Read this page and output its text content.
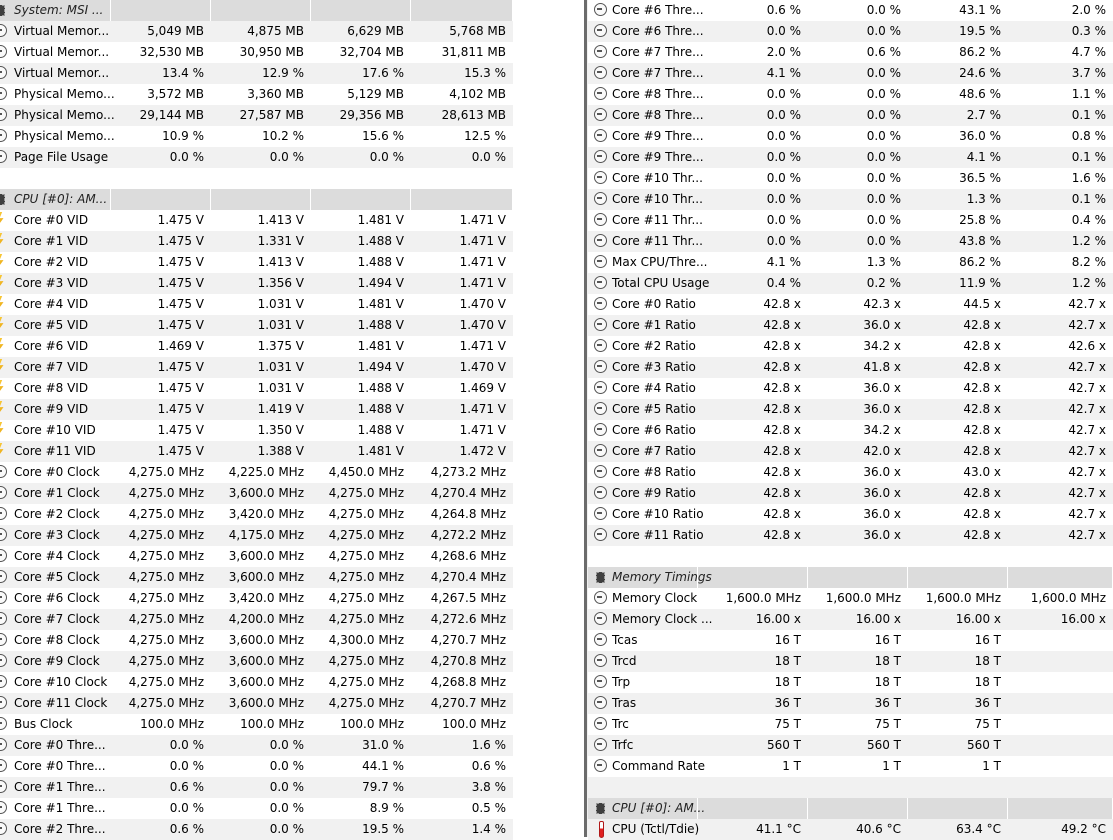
System: MSI ...
Virtual Memor...	5,049 MB	4,875 MB	6,629 MB	5,768 MB
Virtual Memor...	32,530 MB	30,950 MB	32,704 MB	31,811 MB
Virtual Memor...	13.4 %	12.9 %	17.6 %	15.3 %
Physical Memo...	3,572 MB	3,360 MB	5,129 MB	4,102 MB
Physical Memo...	29,144 MB	27,587 MB	29,356 MB	28,613 MB
Physical Memo...	10.9 %	10.2 %	15.6 %	12.5 %
Page File Usage	0.0 %	0.0 %	0.0 %	0.0 %
CPU [#0]: AM...
Core #0 VID	1.475 V	1.413 V	1.481 V	1.471 V
Core #1 VID	1.475 V	1.331 V	1.488 V	1.471 V
Core #2 VID	1.475 V	1.413 V	1.488 V	1.471 V
Core #3 VID	1.475 V	1.356 V	1.494 V	1.471 V
Core #4 VID	1.475 V	1.031 V	1.481 V	1.470 V
Core #5 VID	1.475 V	1.031 V	1.488 V	1.470 V
Core #6 VID	1.469 V	1.375 V	1.481 V	1.471 V
Core #7 VID	1.475 V	1.031 V	1.494 V	1.470 V
Core #8 VID	1.475 V	1.031 V	1.488 V	1.469 V
Core #9 VID	1.475 V	1.419 V	1.488 V	1.471 V
Core #10 VID	1.475 V	1.350 V	1.488 V	1.471 V
Core #11 VID	1.475 V	1.388 V	1.481 V	1.472 V
Core #0 Clock	4,275.0 MHz	4,225.0 MHz	4,450.0 MHz	4,273.2 MHz
Core #1 Clock	4,275.0 MHz	3,600.0 MHz	4,275.0 MHz	4,270.4 MHz
Core #2 Clock	4,275.0 MHz	3,420.0 MHz	4,275.0 MHz	4,264.8 MHz
Core #3 Clock	4,275.0 MHz	4,175.0 MHz	4,275.0 MHz	4,272.2 MHz
Core #4 Clock	4,275.0 MHz	3,600.0 MHz	4,275.0 MHz	4,268.6 MHz
Core #5 Clock	4,275.0 MHz	3,600.0 MHz	4,275.0 MHz	4,270.4 MHz
Core #6 Clock	4,275.0 MHz	3,420.0 MHz	4,275.0 MHz	4,267.5 MHz
Core #7 Clock	4,275.0 MHz	4,200.0 MHz	4,275.0 MHz	4,272.6 MHz
Core #8 Clock	4,275.0 MHz	3,600.0 MHz	4,300.0 MHz	4,270.7 MHz
Core #9 Clock	4,275.0 MHz	3,600.0 MHz	4,275.0 MHz	4,270.8 MHz
Core #10 Clock	4,275.0 MHz	3,600.0 MHz	4,275.0 MHz	4,268.8 MHz
Core #11 Clock	4,275.0 MHz	3,600.0 MHz	4,275.0 MHz	4,270.7 MHz
Bus Clock	100.0 MHz	100.0 MHz	100.0 MHz	100.0 MHz
Core #0 Thre...	0.0 %	0.0 %	31.0 %	1.6 %
Core #0 Thre...	0.0 %	0.0 %	44.1 %	0.6 %
Core #1 Thre...	0.6 %	0.0 %	79.7 %	3.8 %
Core #1 Thre...	0.0 %	0.0 %	8.9 %	0.5 %
Core #2 Thre...	0.6 %	0.0 %	19.5 %	1.4 %
Core #6 Thre...	0.6 %	0.0 %	43.1 %	2.0 %
Core #6 Thre...	0.0 %	0.0 %	19.5 %	0.3 %
Core #7 Thre...	2.0 %	0.6 %	86.2 %	4.7 %
Core #7 Thre...	4.1 %	0.0 %	24.6 %	3.7 %
Core #8 Thre...	0.0 %	0.0 %	48.6 %	1.1 %
Core #8 Thre...	0.0 %	0.0 %	2.7 %	0.1 %
Core #9 Thre...	0.0 %	0.0 %	36.0 %	0.8 %
Core #9 Thre...	0.0 %	0.0 %	4.1 %	0.1 %
Core #10 Thr...	0.0 %	0.0 %	36.5 %	1.6 %
Core #10 Thr...	0.0 %	0.0 %	1.3 %	0.1 %
Core #11 Thr...	0.0 %	0.0 %	25.8 %	0.4 %
Core #11 Thr...	0.0 %	0.0 %	43.8 %	1.2 %
Max CPU/Thre...	4.1 %	1.3 %	86.2 %	8.2 %
Total CPU Usage	0.4 %	0.2 %	11.9 %	1.2 %
Core #0 Ratio	42.8 x	42.3 x	44.5 x	42.7 x
Core #1 Ratio	42.8 x	36.0 x	42.8 x	42.7 x
Core #2 Ratio	42.8 x	34.2 x	42.8 x	42.6 x
Core #3 Ratio	42.8 x	41.8 x	42.8 x	42.7 x
Core #4 Ratio	42.8 x	36.0 x	42.8 x	42.7 x
Core #5 Ratio	42.8 x	36.0 x	42.8 x	42.7 x
Core #6 Ratio	42.8 x	34.2 x	42.8 x	42.7 x
Core #7 Ratio	42.8 x	42.0 x	42.8 x	42.7 x
Core #8 Ratio	42.8 x	36.0 x	43.0 x	42.7 x
Core #9 Ratio	42.8 x	36.0 x	42.8 x	42.7 x
Core #10 Ratio	42.8 x	36.0 x	42.8 x	42.7 x
Core #11 Ratio	42.8 x	36.0 x	42.8 x	42.7 x
Memory Timings
Memory Clock	1,600.0 MHz	1,600.0 MHz	1,600.0 MHz	1,600.0 MHz
Memory Clock ...	16.00 x	16.00 x	16.00 x	16.00 x
Tcas	16 T	16 T	16 T
Trcd	18 T	18 T	18 T
Trp	18 T	18 T	18 T
Tras	36 T	36 T	36 T
Trc	75 T	75 T	75 T
Trfc	560 T	560 T	560 T
Command Rate	1 T	1 T	1 T
CPU [#0]: AM...
CPU (Tctl/Tdie)	41.1 °C	40.6 °C	63.4 °C	49.2 °C
